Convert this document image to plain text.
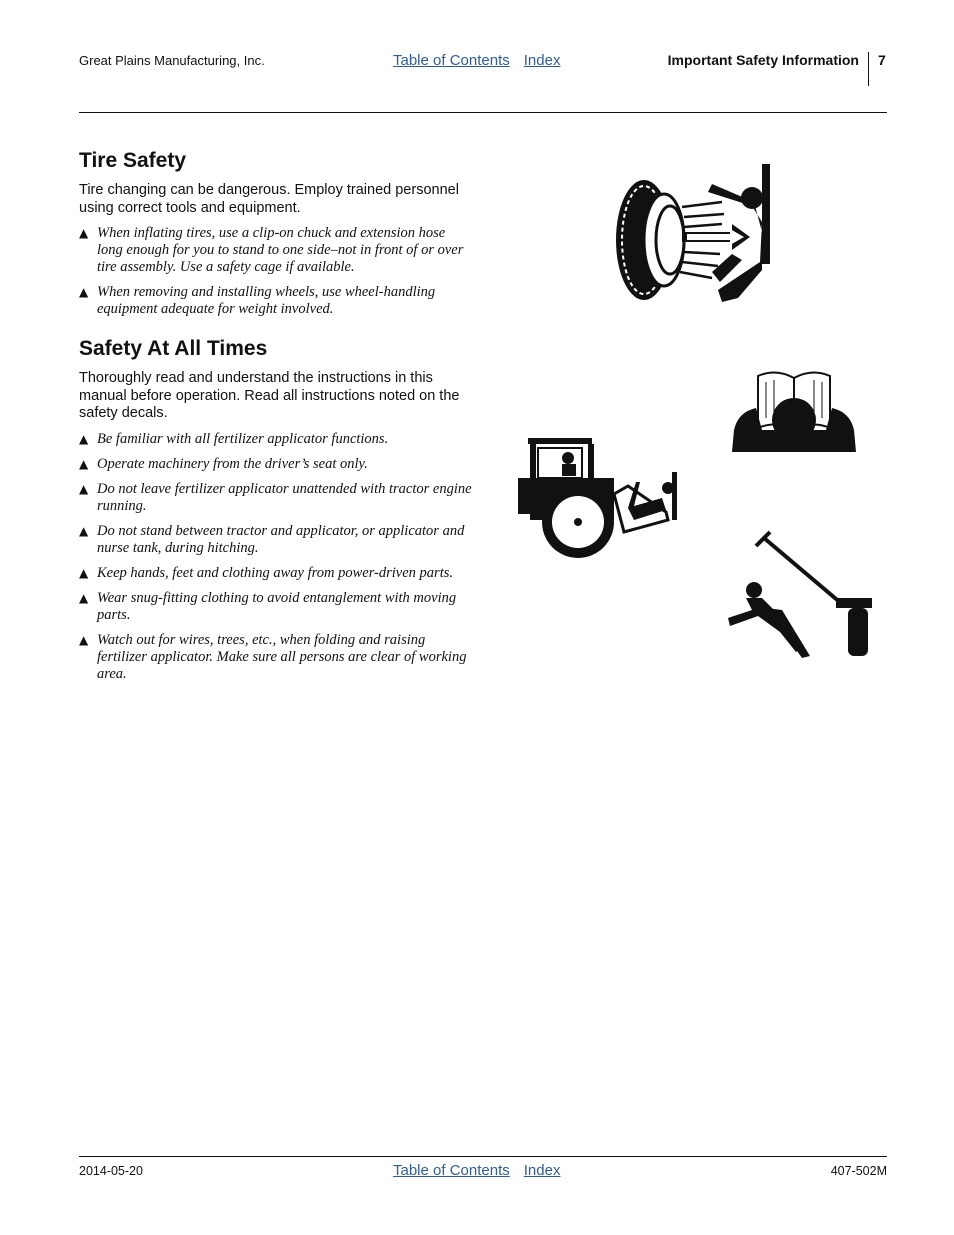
Great Plains Manufacturing, Inc.	Table of Contents Index	Important Safety Information 7
Tire Safety

Tire changing can be dangerous. Employ trained personnel using correct tools and equipment.

▲ When inflating tires, use a clip-on chuck and extension hose long enough for you to stand to one side–not in front of or over tire assembly. Use a safety cage if available.
▲ When removing and installing wheels, use wheel-handling equipment adequate for weight involved.
Safety At All Times

Thoroughly read and understand the instructions in this manual before operation. Read all instructions noted on the safety decals.

▲ Be familiar with all fertilizer applicator functions.
▲ Operate machinery from the driver’s seat only.
▲ Do not leave fertilizer applicator unattended with tractor engine running.
▲ Do not stand between tractor and applicator, or applicator and nurse tank, during hitching.
▲ Keep hands, feet and clothing away from power-driven parts.
▲ Wear snug-fitting clothing to avoid entanglement with moving parts.
▲ Watch out for wires, trees, etc., when folding and raising fertilizer applicator. Make sure all persons are clear of working area.
2014-05-20	Table of Contents Index	407-502M
